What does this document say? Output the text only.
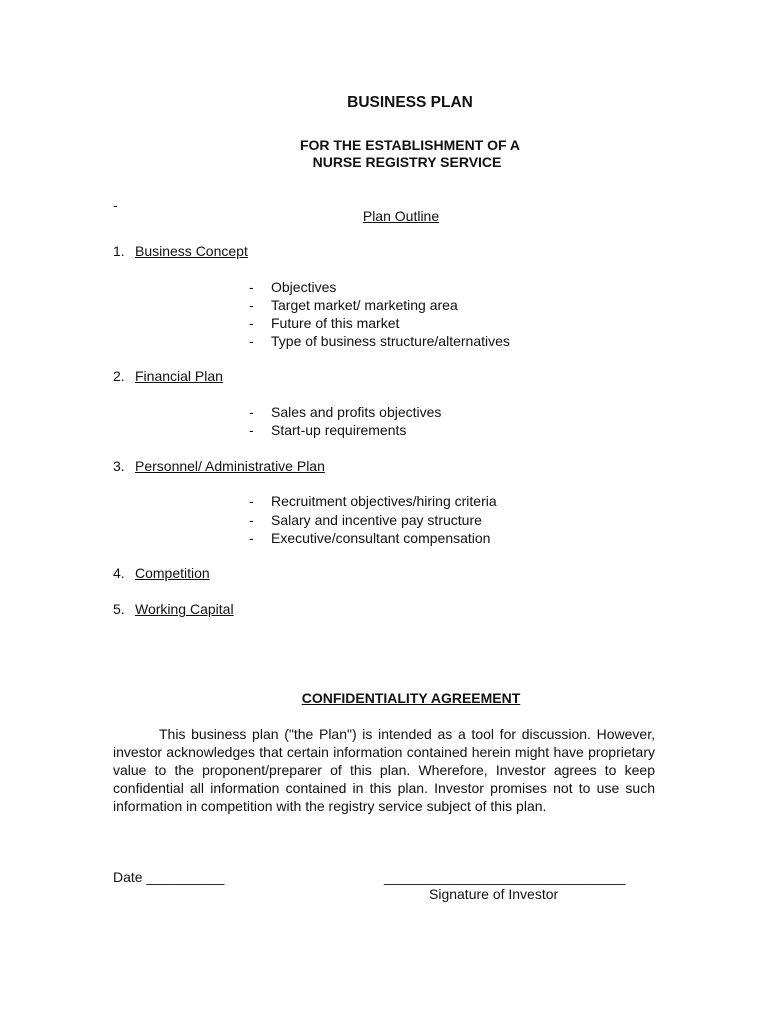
BUSINESS PLAN
FOR THE ESTABLISHMENT OF A
NURSE REGISTRY SERVICE
-
Plan Outline
1. Business Concept
- Objectives
- Target market/ marketing area
- Future of this market
- Type of business structure/alternatives
2. Financial Plan
- Sales and profits objectives
- Start-up requirements
3. Personnel/ Administrative Plan
- Recruitment objectives/hiring criteria
- Salary and incentive pay structure
- Executive/consultant compensation
4. Competition
5. Working Capital
CONFIDENTIALITY AGREEMENT
This business plan ("the Plan") is intended as a tool for discussion. However, investor acknowledges that certain information contained herein might have proprietary value to the proponent/preparer of this plan. Wherefore, Investor agrees to keep confidential all information contained in this plan. Investor promises not to use such information in competition with the registry service subject of this plan.
Date __________	_______________________________
Signature of Investor
